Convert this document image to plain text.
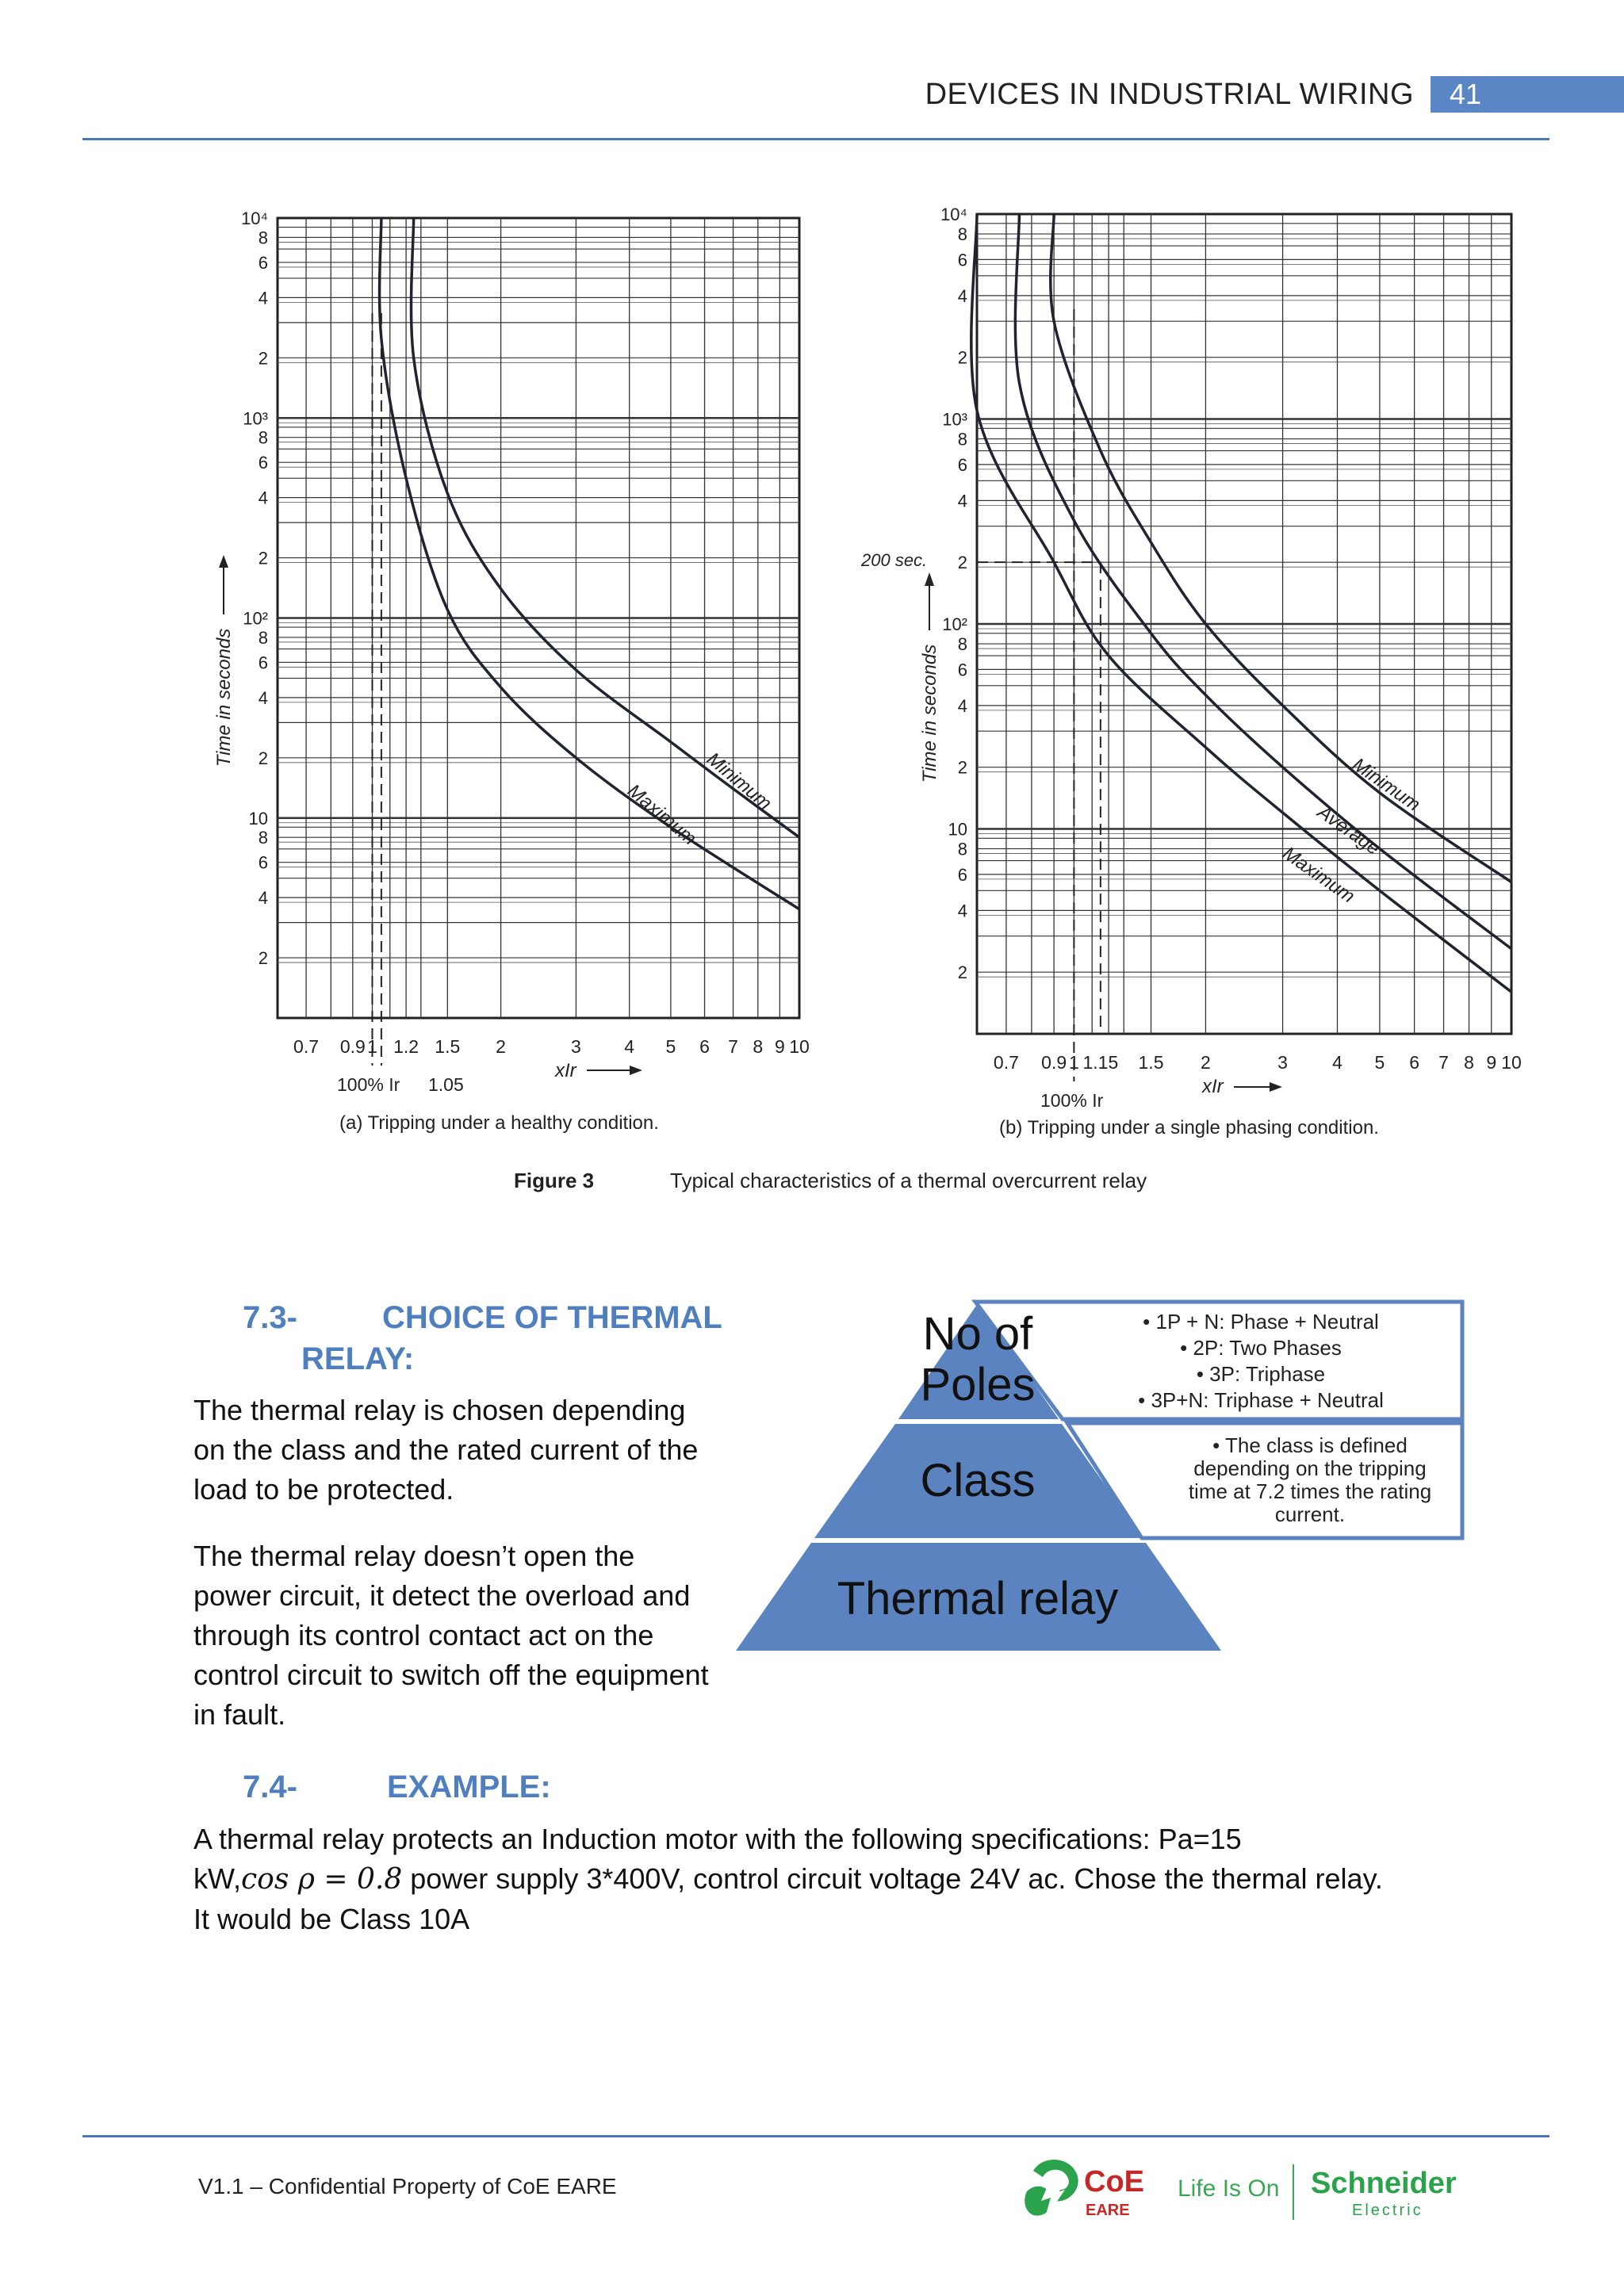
DEVICES IN INDUSTRIAL WIRING	41
10⁴
8
6
4
2
10³
8
6
4
2
10²
8
6
4
2
10
8
6
4
2
0.7 0.9 1 1.2 1.5 2	3 4 5 6 7 8 9 10
Minimum
Maximum
10⁴
8
6
4
2
10³
8
6
4
2
10²
8
6
4
2
10
8
6
4
2
0.7 0.9 1 1.15 1.5 2	3 4 5 6 7 8 9 10
Minimum
Average
Maximum
Time in seconds	Time in seconds
xIr
xIr
100% Ir 1.05
(a) Tripping under a healthy condition.
100% Ir
200 sec.
(b) Tripping under a single phasing condition.
Figure 3	Typical characteristics of a thermal overcurrent relay
7.3-	CHOICE OF THERMAL
RELAY:

The thermal relay is chosen depending on the class and the rated current of the load to be protected.

The thermal relay doesn’t open the power circuit, it detect the overload and through its control contact act on the control circuit to switch off the equipment in fault.

No of
Poles
Class
Thermal relay
• 1P + N: Phase + Neutral
• 2P: Two Phases
• 3P: Triphase
• 3P+N: Triphase + Neutral
• The class is defined
depending on the tripping
time at 7.2 times the rating
current.
7.4-	EXAMPLE:
A thermal relay protects an Induction motor with the following specifications: Pa=15
kW,cos ρ = 0.8 power supply 3*400V, control circuit voltage 24V ac. Chose the thermal relay.
It would be Class 10A
V1.1 – Confidential Property of CoE EARE	CoE
EARE
Life Is On Schneider
Electric
